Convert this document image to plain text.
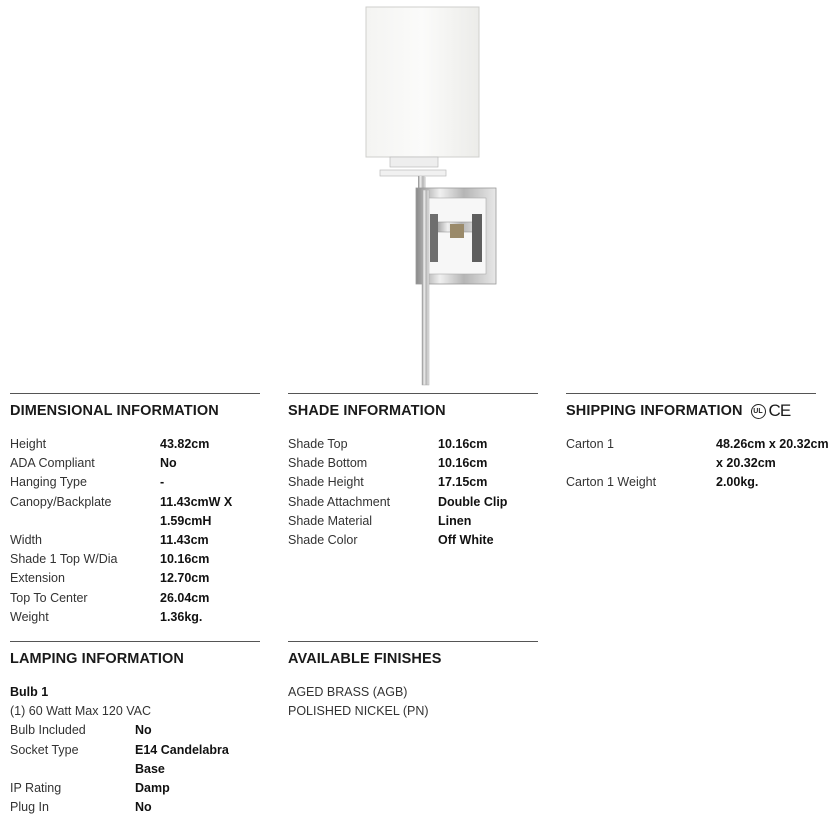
DIMENSIONAL INFORMATION
Height	43.82cm
ADA Compliant	No
Hanging Type	-
Canopy/Backplate	11.43cmW X 1.59cmH
Width	11.43cm
Shade 1 Top W/Dia	10.16cm
Extension	12.70cm
Top To Center	26.04cm
Weight	1.36kg.
SHADE INFORMATION
Shade Top	10.16cm
Shade Bottom	10.16cm
Shade Height	17.15cm
Shade Attachment	Double Clip
Shade Material	Linen
Shade Color	Off White
SHIPPING INFORMATION	UL CE
Carton 1	48.26cm x 20.32cm x 20.32cm
Carton 1 Weight	2.00kg.
LAMPING INFORMATION
Bulb 1
(1) 60 Watt Max 120 VAC
Bulb Included	No
Socket Type	E14 Candelabra Base
IP Rating	Damp
Plug In	No
AVAILABLE FINISHES
AGED BRASS (AGB)
POLISHED NICKEL (PN)
